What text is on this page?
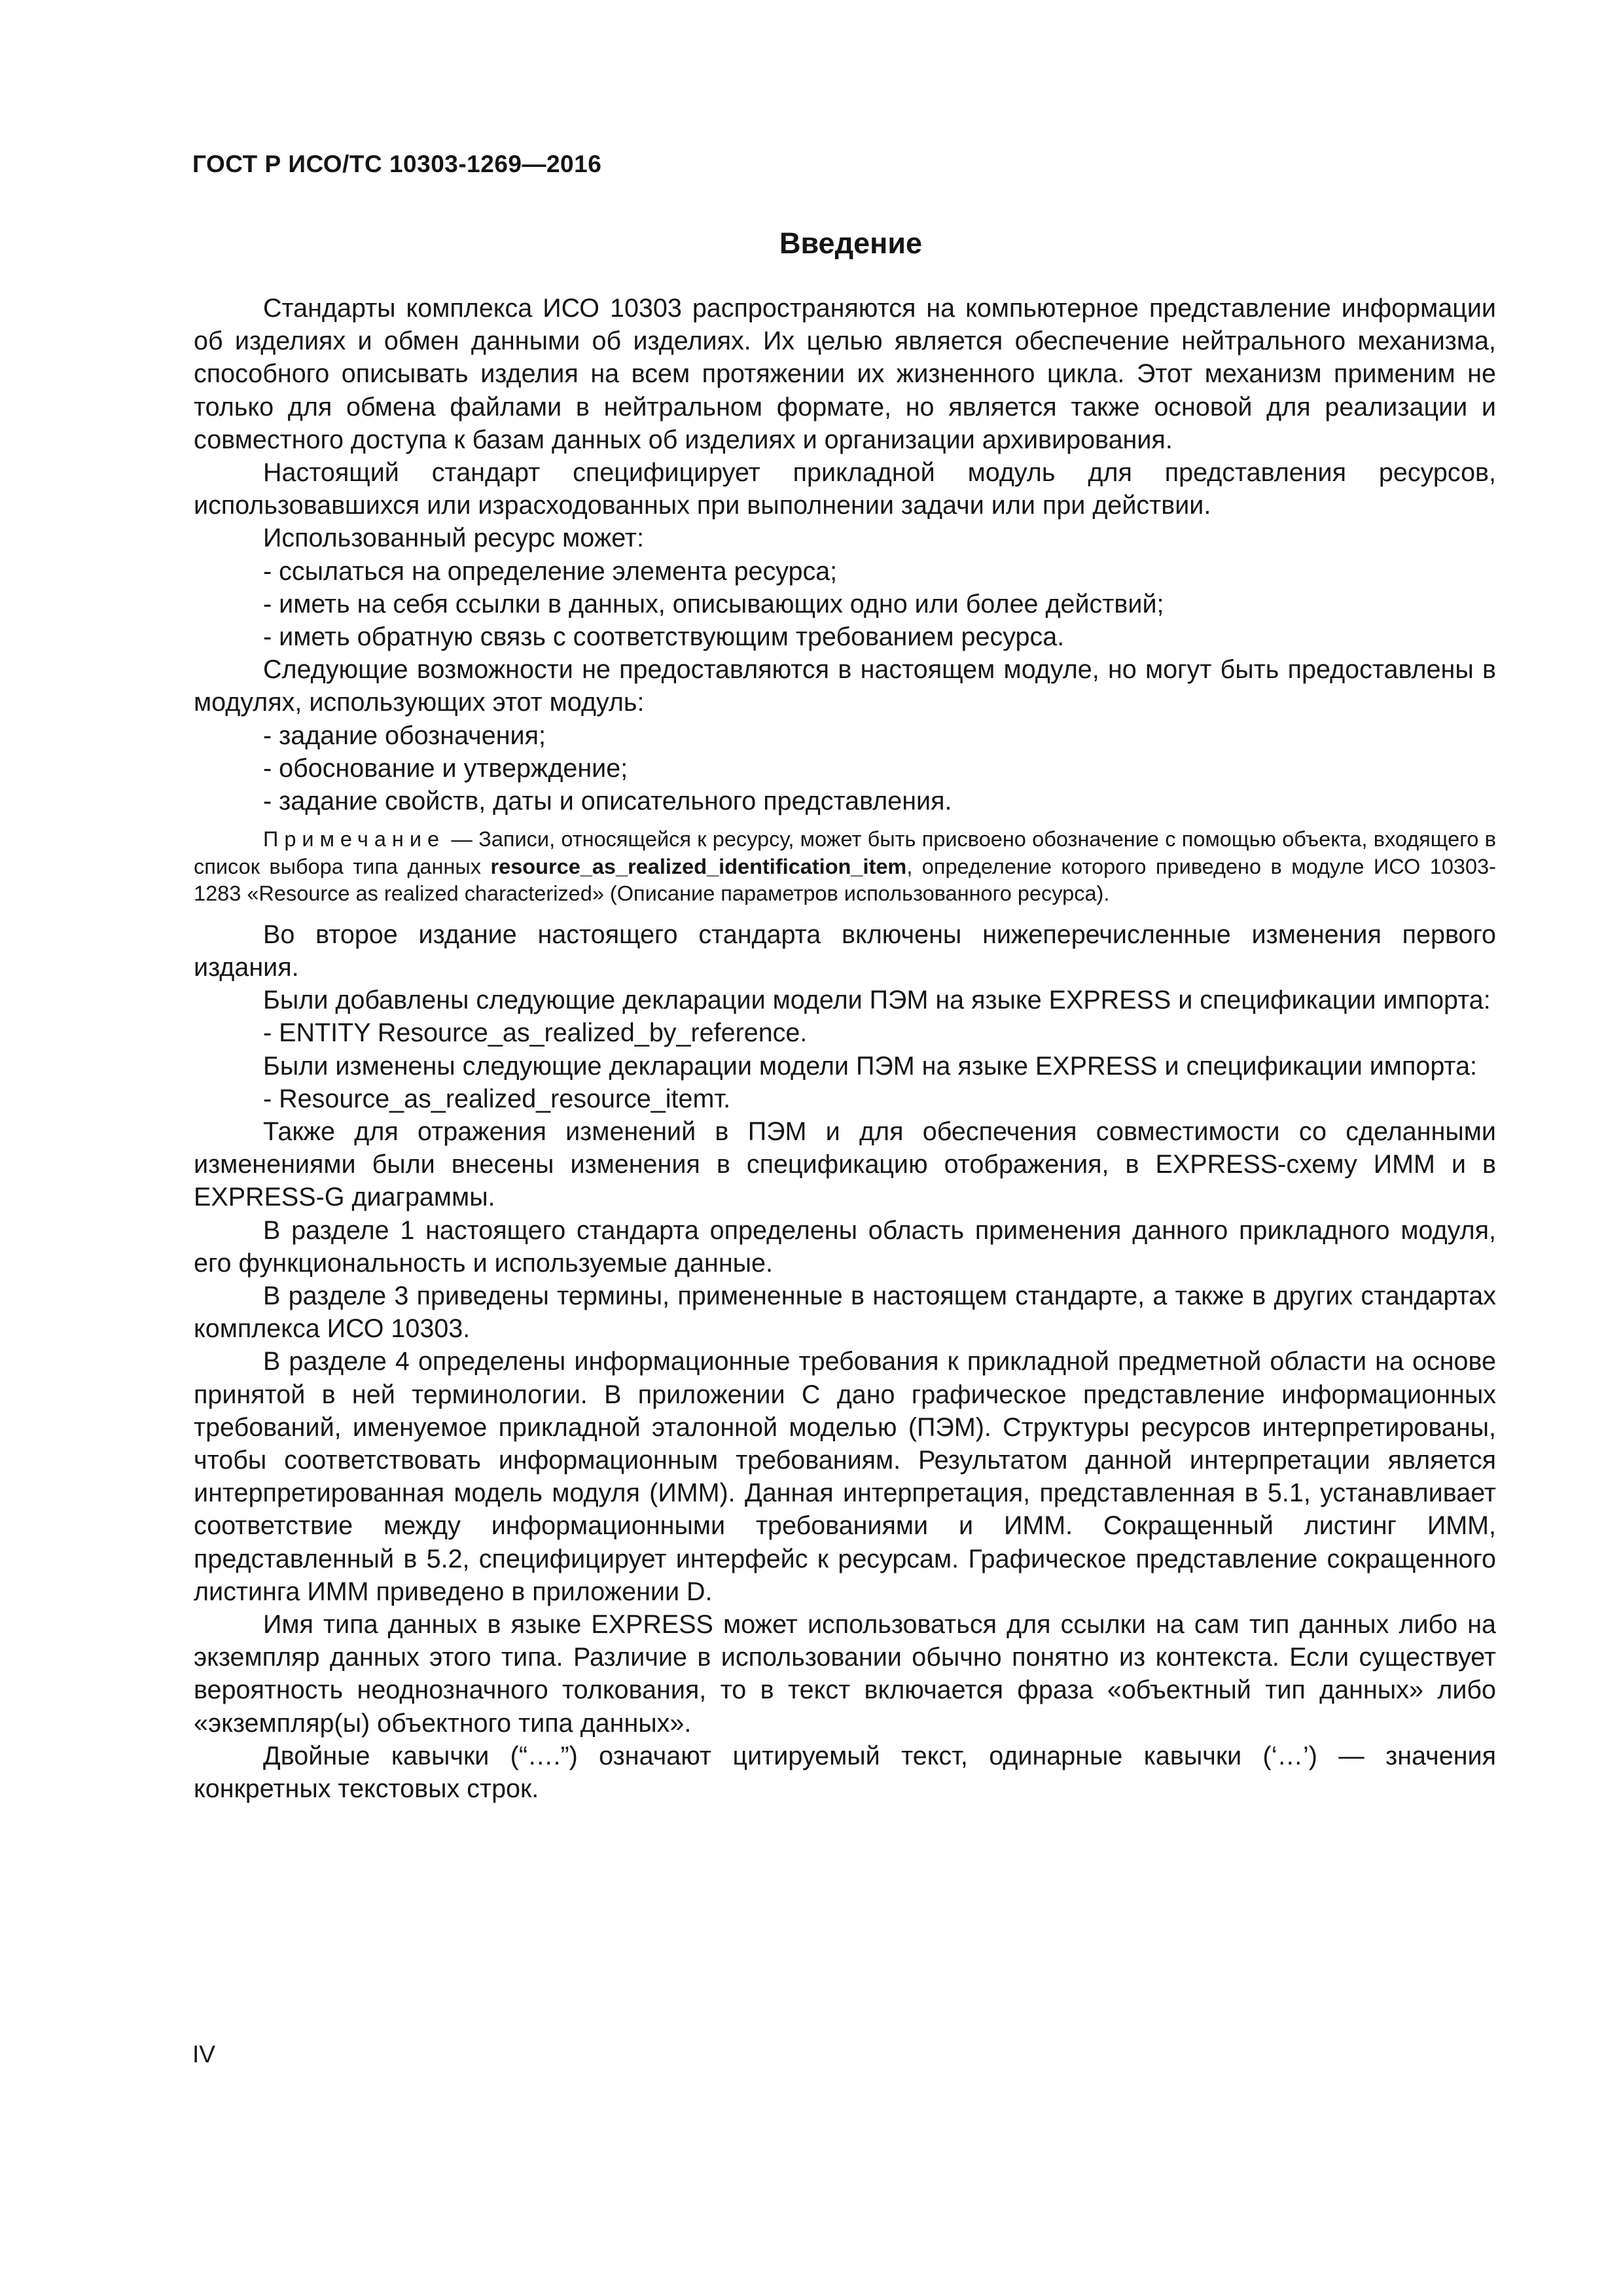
ГОСТ Р ИСО/ТС 10303-1269—2016
Введение

Стандарты комплекса ИСО 10303 распространяются на компьютерное представление информации об изделиях и обмен данными об изделиях. Их целью является обеспечение нейтрального механизма, способного описывать изделия на всем протяжении их жизненного цикла. Этот механизм применим не только для обмена файлами в нейтральном формате, но является также основой для реализации и совместного доступа к базам данных об изделиях и организации архивирования.

Настоящий стандарт специфицирует прикладной модуль для представления ресурсов, использовавшихся или израсходованных при выполнении задачи или при действии.

Использованный ресурс может:

- ссылаться на определение элемента ресурса;

- иметь на себя ссылки в данных, описывающих одно или более действий;

- иметь обратную связь с соответствующим требованием ресурса.

Следующие возможности не предоставляются в настоящем модуле, но могут быть предоставлены в модулях, использующих этот модуль:

- задание обозначения;

- обоснование и утверждение;

- задание свойств, даты и описательного представления.

Примечание — Записи, относящейся к ресурсу, может быть присвоено обозначение с помощью объекта, входящего в список выбора типа данных resource_as_realized_identification_item, определение которого приведено в модуле ИСО 10303-1283 «Resource as realized characterized» (Описание параметров использованного ресурса).

Во второе издание настоящего стандарта включены нижеперечисленные изменения первого издания.

Были добавлены следующие декларации модели ПЭМ на языке EXPRESS и спецификации импорта:

- ENTITY Resource_as_realized_by_reference.

Были изменены следующие декларации модели ПЭМ на языке EXPRESS и спецификации импорта:

- Resource_as_realized_resource_itemт.

Также для отражения изменений в ПЭМ и для обеспечения совместимости со сделанными изменениями были внесены изменения в спецификацию отображения, в EXPRESS-схему ИММ и в EXPRESS-G диаграммы.

В разделе 1 настоящего стандарта определены область применения данного прикладного модуля, его функциональность и используемые данные.

В разделе 3 приведены термины, примененные в настоящем стандарте, а также в других стандартах комплекса ИСО 10303.

В разделе 4 определены информационные требования к прикладной предметной области на основе принятой в ней терминологии. В приложении С дано графическое представление информационных требований, именуемое прикладной эталонной моделью (ПЭМ). Структуры ресурсов интерпретированы, чтобы соответствовать информационным требованиям. Результатом данной интерпретации является интерпретированная модель модуля (ИММ). Данная интерпретация, представленная в 5.1, устанавливает соответствие между информационными требованиями и ИММ. Сокращенный листинг ИММ, представленный в 5.2, специфицирует интерфейс к ресурсам. Графическое представление сокращенного листинга ИММ приведено в приложении D.

Имя типа данных в языке EXPRESS может использоваться для ссылки на сам тип данных либо на экземпляр данных этого типа. Различие в использовании обычно понятно из контекста. Если существует вероятность неоднозначного толкования, то в текст включается фраза «объектный тип данных» либо «экземпляр(ы) объектного типа данных».

Двойные кавычки (“….”) означают цитируемый текст, одинарные кавычки (‘…’) — значения конкретных текстовых строк.

IV
